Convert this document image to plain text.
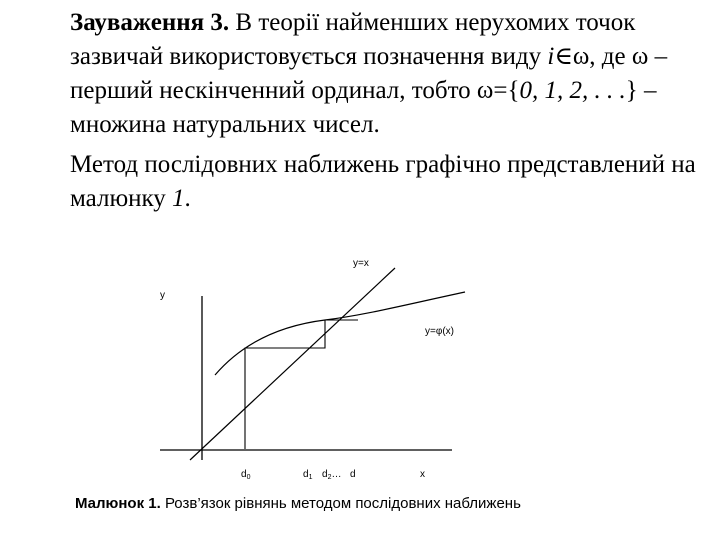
Зауваження 3. В теорії найменших нерухомих точок зазвичай використовується позначення виду i∈ω, де ω – перший нескінченний ординал, тобто ω={0, 1, 2, . . .} – множина натуральних чисел.

Метод послідовних наближень графічно представлений на малюнку 1.

y
x
y=x
y=φ(x)
$d_0$	$d_1$ $d_2\dots$ d
Малюнок 1. Розв’язок рівнянь методом послідовних наближень
